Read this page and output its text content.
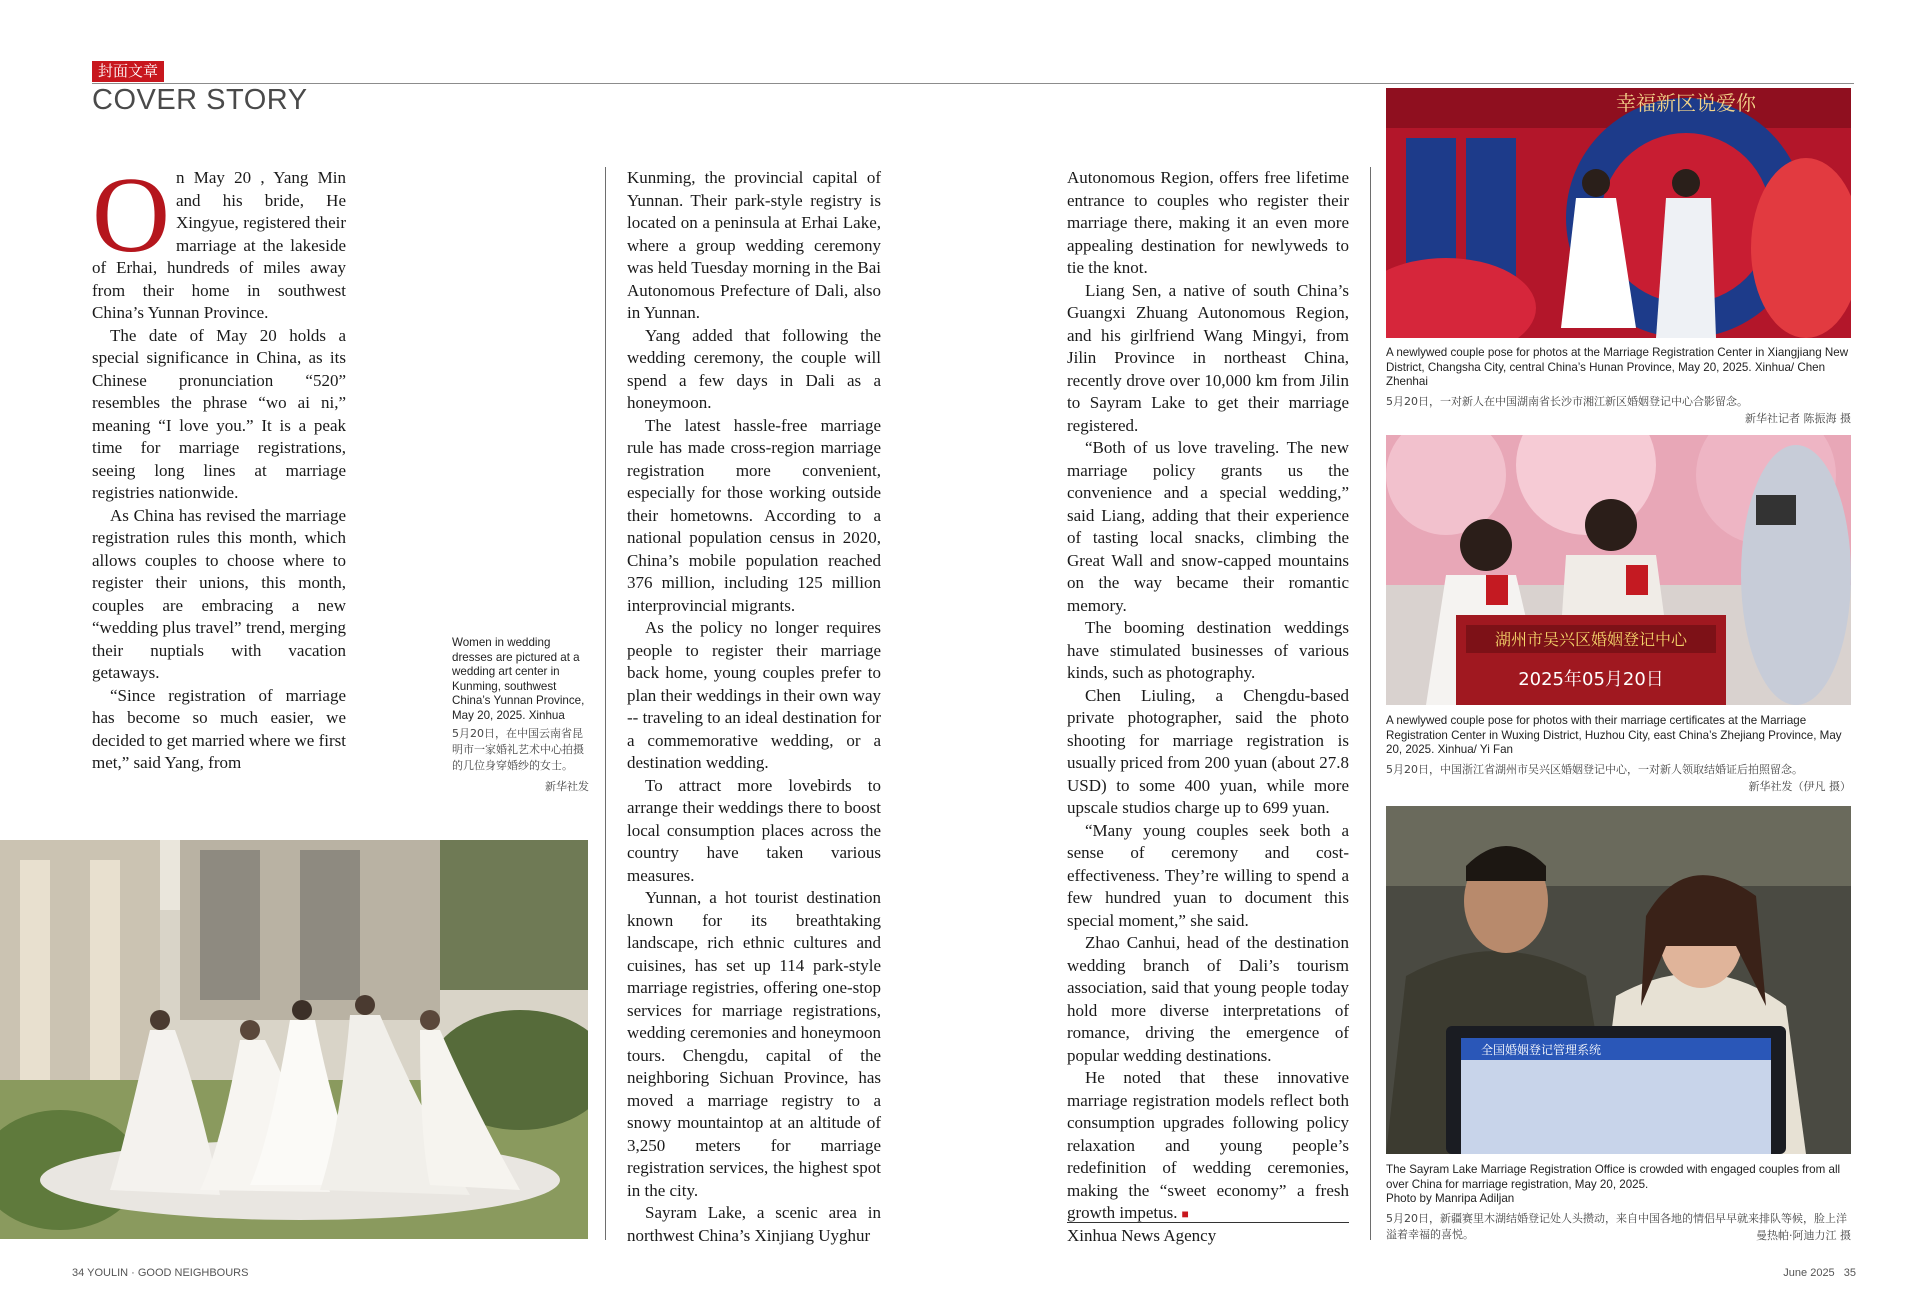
封面文章
COVER STORY

On May 20 , Yang Min and his bride, He Xingyue, registered their marriage at the lakeside of Erhai, hundreds of miles away from their home in southwest China’s Yunnan Province.

The date of May 20 holds a special significance in China, as its Chinese pronunciation “520” resembles the phrase “wo ai ni,” meaning “I love you.” It is a peak time for marriage registrations, seeing long lines at marriage registries nationwide.

As China has revised the marriage registration rules this month, which allows couples to choose where to register their unions, this month, couples are embracing a new “wedding plus travel” trend, merging their nuptials with vacation getaways.

“Since registration of marriage has become so much easier, we decided to get married where we first met,” said Yang, from

Women in wedding dresses are pictured at a wedding art center in Kunming, southwest China’s Yunnan Province, May 20, 2025. Xinhua
5月20日，在中国云南省昆明市一家婚礼艺术中心拍摄的几位身穿婚纱的女士。
新华社发

Kunming, the provincial capital of Yunnan. Their park-style registry is located on a peninsula at Erhai Lake, where a group wedding ceremony was held Tuesday morning in the Bai Autonomous Prefecture of Dali, also in Yunnan.

Yang added that following the wedding ceremony, the couple will spend a few days in Dali as a honeymoon.

The latest hassle-free marriage rule has made cross-region marriage registration more convenient, especially for those working outside their hometowns. According to a national population census in 2020, China’s mobile population reached 376 million, including 125 million interprovincial migrants.

As the policy no longer requires people to register their marriage back home, young couples prefer to plan their weddings in their own way -- traveling to an ideal destination for a commemorative wedding, or a destination wedding.

To attract more lovebirds to arrange their weddings there to boost local consumption places across the country have taken various measures.

Yunnan, a hot tourist destination known for its breathtaking landscape, rich ethnic cultures and cuisines, has set up 114 park-style marriage registries, offering one-stop services for marriage registrations, wedding ceremonies and honeymoon tours. Chengdu, capital of the neighboring Sichuan Province, has moved a marriage registry to a snowy mountaintop at an altitude of 3,250 meters for marriage registration services, the highest spot in the city.

Sayram Lake, a scenic area in northwest China’s Xinjiang Uyghur

Autonomous Region, offers free lifetime entrance to couples who register their marriage there, making it an even more appealing destination for newlyweds to tie the knot.

Liang Sen, a native of south China’s Guangxi Zhuang Autonomous Region, and his girlfriend Wang Mingyi, from Jilin Province in northeast China, recently drove over 10,000 km from Jilin to Sayram Lake to get their marriage registered.

“Both of us love traveling. The new marriage policy grants us the convenience and a special wedding,” said Liang, adding that their experience of tasting local snacks, climbing the Great Wall and snow-capped mountains on the way became their romantic memory.

The booming destination weddings have stimulated businesses of various kinds, such as photography.

Chen Liuling, a Chengdu-based private photographer, said the photo shooting for marriage registration is usually priced from 200 yuan (about 27.8 USD) to some 400 yuan, while more upscale studios charge up to 699 yuan.

“Many young couples seek both a sense of ceremony and cost-effectiveness. They’re willing to spend a few hundred yuan to document this special moment,” she said.

Zhao Canhui, head of the destination wedding branch of Dali’s tourism association, said that young people today hold more diverse interpretations of romance, driving the emergence of popular wedding destinations.

He noted that these innovative marriage registration models reflect both consumption upgrades following policy relaxation and young people’s redefinition of wedding ceremonies, making the “sweet economy” a fresh growth impetus. ■

Xinhua News Agency
幸福新区说爱你
A newlywed couple pose for photos at the Marriage Registration Center in Xiangjiang New District, Changsha City, central China’s Hunan Province, May 20, 2025. Xinhua/ Chen Zhenhai
5月20日，一对新人在中国湖南省长沙市湘江新区婚姻登记中心合影留念。
新华社记者 陈振海 摄
湖州市吴兴区婚姻登记中心
2025年05月20日
A newlywed couple pose for photos with their marriage certificates at the Marriage Registration Center in Wuxing District, Huzhou City, east China’s Zhejiang Province, May 20, 2025. Xinhua/ Yi Fan
5月20日，中国浙江省湖州市吴兴区婚姻登记中心，一对新人领取结婚证后拍照留念。
新华社发（伊凡 摄）
全国婚姻登记管理系统
The Sayram Lake Marriage Registration Office is crowded with engaged couples from all over China for marriage registration, May 20, 2025.
Photo by Manripa Adiljan
5月20日，新疆赛里木湖结婚登记处人头攒动，来自中国各地的情侣早早就来排队等候，脸上洋溢着幸福的喜悦。	曼热帕·阿迪力江 摄
34 YOULIN · GOOD NEIGHBOURS	June 2025 35
